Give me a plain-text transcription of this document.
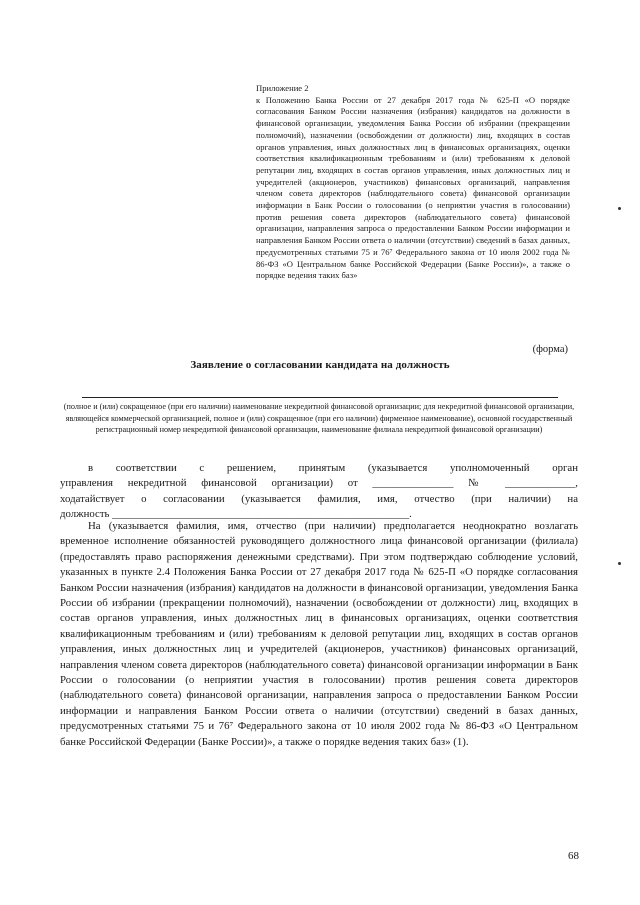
Приложение 2
к Положению Банка России от 27 декабря 2017 года № 625-П «О порядке согласования Банком России назначения (избрания) кандидатов на должности в финансовой организации, уведомления Банка России об избрании (прекращении полномочий), назначении (освобождении от должности) лиц, входящих в состав органов управления, иных должностных лиц в финансовых организациях, оценки соответствия квалификационным требованиям и (или) требованиям к деловой репутации лиц, входящих в состав органов управления, иных должностных лиц и учредителей (акционеров, участников) финансовых организаций, направления членом совета директоров (наблюдательного совета) финансовой организации информации в Банк России о голосовании (о неприятии участия в голосовании) против решения совета директоров (наблюдательного совета) финансовой организации, направления запроса о предоставлении Банком России информации и направления Банком России ответа о наличии (отсутствии) сведений в базах данных, предусмотренных статьями 75 и 76⁷ Федерального закона от 10 июля 2002 года № 86-ФЗ «О Центральном банке Российской Федерации (Банке России)», а также о порядке ведения таких баз»
(форма)
Заявление о согласовании кандидата на должность
(полное и (или) сокращенное (при его наличии) наименование некредитной финансовой организации; для некредитной финансовой организации, являющейся коммерческой организацией, полное и (или) сокращенное (при его наличии) фирменное наименование), основной государственный регистрационный номер некредитной финансовой организации, наименование филиала некредитной финансовой организации)
в соответствии с решением, принятым (указывается уполномоченный орган
управления некредитной финансовой организации) от _______________ № _____________,
ходатайствует о согласовании (указывается фамилия, имя, отчество (при наличии) на
должность _______________________________________________________.
На (указывается фамилия, имя, отчество (при наличии) предполагается неоднократно возлагать временное исполнение обязанностей руководящего должностного лица финансовой организации (филиала) (предоставлять право распоряжения денежными средствами). При этом подтверждаю соблюдение условий, указанных в пункте 2.4 Положения Банка России от 27 декабря 2017 года № 625-П «О порядке согласования Банком России назначения (избрания) кандидатов на должности в финансовой организации, уведомления Банка России об избрании (прекращении полномочий), назначении (освобождении от должности) лиц, входящих в состав органов управления, иных должностных лиц в финансовых организациях, оценки соответствия квалификационным требованиям и (или) требованиям к деловой репутации лиц, входящих в состав органов управления, иных должностных лиц и учредителей (акционеров, участников) финансовых организаций, направления членом совета директоров (наблюдательного совета) финансовой организации информации в Банк России о голосовании (о неприятии участия в голосовании) против решения совета директоров (наблюдательного совета) финансовой организации, направления запроса о предоставлении Банком России информации и направления Банком России ответа о наличии (отсутствии) сведений в базах данных, предусмотренных статьями 75 и 76⁷ Федерального закона от 10 июля 2002 года № 86-ФЗ «О Центральном банке Российской Федерации (Банке России)», а также о порядке ведения таких баз» (1).
68
